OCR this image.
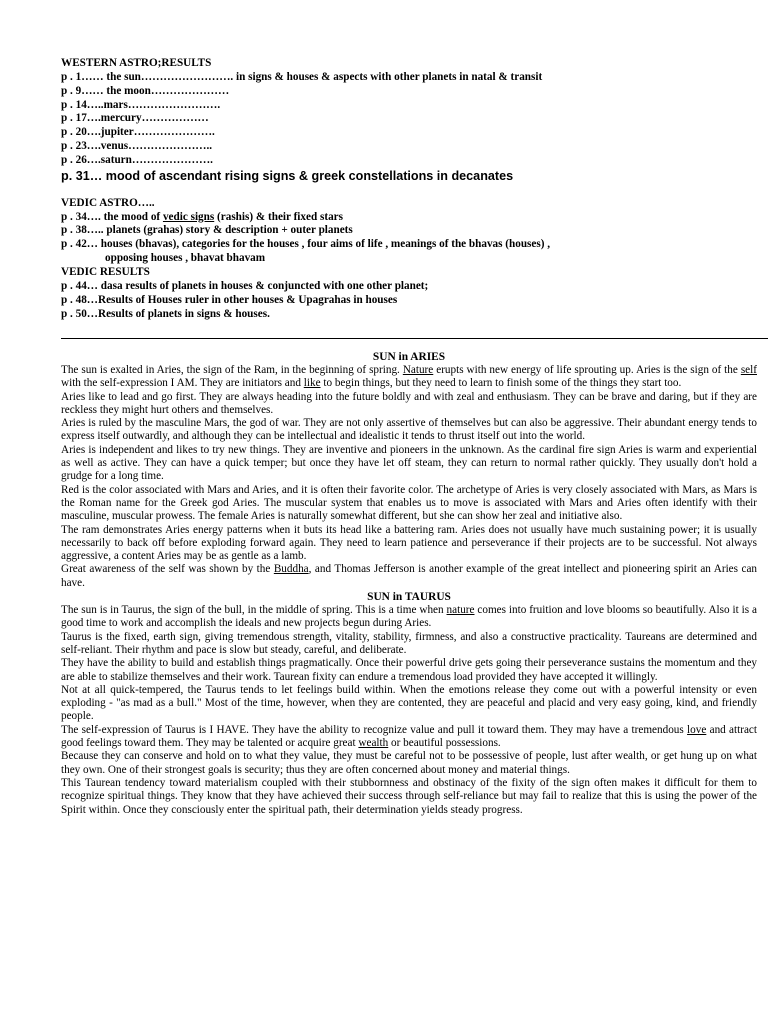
WESTERN ASTRO;RESULTS
p . 1…… the sun……………………. in signs & houses & aspects with other planets in natal & transit
p . 9…… the moon…………………
p . 14…..mars…………………….
p . 17….mercury………………
p . 20….jupiter………………….
p . 23….venus…………………..
p . 26….saturn………………….
p. 31… mood of ascendant rising signs & greek constellations in decanates
VEDIC ASTRO…..
p . 34…. the mood of vedic signs (rashis) & their fixed stars
p . 38….. planets (grahas) story & description + outer planets
p . 42… houses (bhavas), categories for the houses , four aims of life , meanings of the bhavas (houses) ,
opposing houses , bhavat bhavam
VEDIC RESULTS
p . 44… dasa results of planets in houses & conjuncted with one other planet;
p . 48…Results of Houses ruler in other houses & Upagrahas in houses
p . 50…Results of planets in signs & houses.
SUN in ARIES

The sun is exalted in Aries, the sign of the Ram, in the beginning of spring. Nature erupts with new energy of life sprouting up. Aries is the sign of the self with the self-expression I AM. They are initiators and like to begin things, but they need to learn to finish some of the things they start too.

Aries like to lead and go first. They are always heading into the future boldly and with zeal and enthusiasm. They can be brave and daring, but if they are reckless they might hurt others and themselves.

Aries is ruled by the masculine Mars, the god of war. They are not only assertive of themselves but can also be aggressive. Their abundant energy tends to express itself outwardly, and although they can be intellectual and idealistic it tends to thrust itself out into the world.

Aries is independent and likes to try new things. They are inventive and pioneers in the unknown. As the cardinal fire sign Aries is warm and experiential as well as active. They can have a quick temper; but once they have let off steam, they can return to normal rather quickly. They usually don't hold a grudge for a long time.

Red is the color associated with Mars and Aries, and it is often their favorite color. The archetype of Aries is very closely associated with Mars, as Mars is the Roman name for the Greek god Aries. The muscular system that enables us to move is associated with Mars and Aries often identify with their masculine, muscular prowess. The female Aries is naturally somewhat different, but she can show her zeal and initiative also.

The ram demonstrates Aries energy patterns when it buts its head like a battering ram. Aries does not usually have much sustaining power; it is usually necessarily to back off before exploding forward again. They need to learn patience and perseverance if their projects are to be successful. Not always aggressive, a content Aries may be as gentle as a lamb.

Great awareness of the self was shown by the Buddha, and Thomas Jefferson is another example of the great intellect and pioneering spirit an Aries can have.

SUN in TAURUS

The sun is in Taurus, the sign of the bull, in the middle of spring. This is a time when nature comes into fruition and love blooms so beautifully. Also it is a good time to work and accomplish the ideals and new projects begun during Aries.

Taurus is the fixed, earth sign, giving tremendous strength, vitality, stability, firmness, and also a constructive practicality. Taureans are determined and self-reliant. Their rhythm and pace is slow but steady, careful, and deliberate.

They have the ability to build and establish things pragmatically. Once their powerful drive gets going their perseverance sustains the momentum and they are able to stabilize themselves and their work. Taurean fixity can endure a tremendous load provided they have accepted it willingly.

Not at all quick-tempered, the Taurus tends to let feelings build within. When the emotions release they come out with a powerful intensity or even exploding - "as mad as a bull." Most of the time, however, when they are contented, they are peaceful and placid and very easy going, kind, and friendly people.

The self-expression of Taurus is I HAVE. They have the ability to recognize value and pull it toward them. They may have a tremendous love and attract good feelings toward them. They may be talented or acquire great wealth or beautiful possessions.

Because they can conserve and hold on to what they value, they must be careful not to be possessive of people, lust after wealth, or get hung up on what they own. One of their strongest goals is security; thus they are often concerned about money and material things.

This Taurean tendency toward materialism coupled with their stubbornness and obstinacy of the fixity of the sign often makes it difficult for them to recognize spiritual things. They know that they have achieved their success through self-reliance but may fail to realize that this is using the power of the Spirit within. Once they consciously enter the spiritual path, their determination yields steady progress.
